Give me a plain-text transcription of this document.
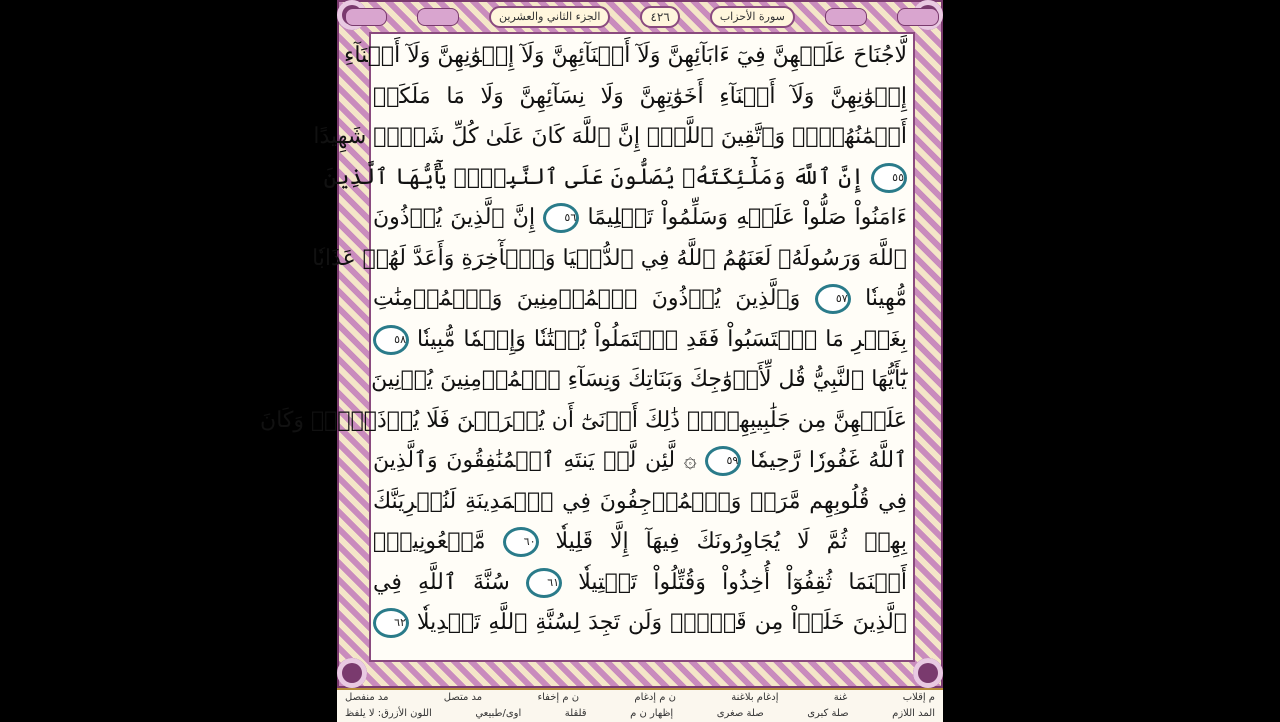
الجزء الثاني والعشرين	٤٢٦	سورة الأحزاب
لَّاجُنَاحَ عَلَيۡهِنَّ فِيٓ ءَابَآئِهِنَّ وَلَآ أَبۡنَآئِهِنَّ وَلَآ إِخۡوَٰنِهِنَّ وَلَآ أَبۡنَآءِ
إِخۡوَٰنِهِنَّ وَلَآ أَبۡنَآءِ أَخَوَٰتِهِنَّ وَلَا نِسَآئِهِنَّ وَلَا مَا مَلَكَتۡ
أَيۡمَٰنُهُنَّۗ وَٱتَّقِينَ ٱللَّهَۚ إِنَّ ٱللَّهَ كَانَ عَلَىٰ كُلِّ شَيۡءٖ شَهِيدًا
٥٥ إِنَّ ٱللَّهَ وَمَلَٰٓئِكَتَهُۥ يُصَلُّونَ عَلَى ٱلنَّبِيِّۚ يَٰٓأَيُّهَا ٱلَّذِينَ
ءَامَنُواْ صَلُّواْ عَلَيۡهِ وَسَلِّمُواْ تَسۡلِيمًا ٥٦ إِنَّ ٱلَّذِينَ يُؤۡذُونَ
ٱللَّهَ وَرَسُولَهُۥ لَعَنَهُمُ ٱللَّهُ فِي ٱلدُّنۡيَا وَٱلۡأٓخِرَةِ وَأَعَدَّ لَهُمۡ عَذَابٗا
مُّهِينٗا ٥٧ وَٱلَّذِينَ يُؤۡذُونَ ٱلۡمُؤۡمِنِينَ وَٱلۡمُؤۡمِنَٰتِ
بِغَيۡرِ مَا ٱكۡتَسَبُواْ فَقَدِ ٱحۡتَمَلُواْ بُهۡتَٰنٗا وَإِثۡمٗا مُّبِينٗا ٥٨
يَٰٓأَيُّهَا ٱلنَّبِيُّ قُل لِّأَزۡوَٰجِكَ وَبَنَاتِكَ وَنِسَآءِ ٱلۡمُؤۡمِنِينَ يُدۡنِينَ
عَلَيۡهِنَّ مِن جَلَٰبِيبِهِنَّۚ ذَٰلِكَ أَدۡنَىٰٓ أَن يُعۡرَفۡنَ فَلَا يُؤۡذَيۡنَۗ وَكَانَ
ٱللَّهُ غَفُورٗا رَّحِيمٗا ٥٩ ۞ لَّئِن لَّمۡ يَنتَهِ ٱلۡمُنَٰفِقُونَ وَٱلَّذِينَ
فِي قُلُوبِهِم مَّرَضٞ وَٱلۡمُرۡجِفُونَ فِي ٱلۡمَدِينَةِ لَنُغۡرِيَنَّكَ
بِهِمۡ ثُمَّ لَا يُجَاوِرُونَكَ فِيهَآ إِلَّا قَلِيلٗا ٦٠ مَّلۡعُونِينَۖ
أَيۡنَمَا ثُقِفُوٓاْ أُخِذُواْ وَقُتِّلُواْ تَقۡتِيلٗا ٦١ سُنَّةَ ٱللَّهِ فِي
ٱلَّذِينَ خَلَوۡاْ مِن قَبۡلُۖ وَلَن تَجِدَ لِسُنَّةِ ٱللَّهِ تَبۡدِيلٗا ٦٢
م إقلاب
غنة
إدغام بلاغنة
ن م إدغام
ن م إخفاء
مد متصل
مد منفصل
المد اللازم
صلة كبرى
صلة صغرى
إظهار ن م
قلقلة
اوى/طبيعي
اللون الأزرق: لا يلفظ
